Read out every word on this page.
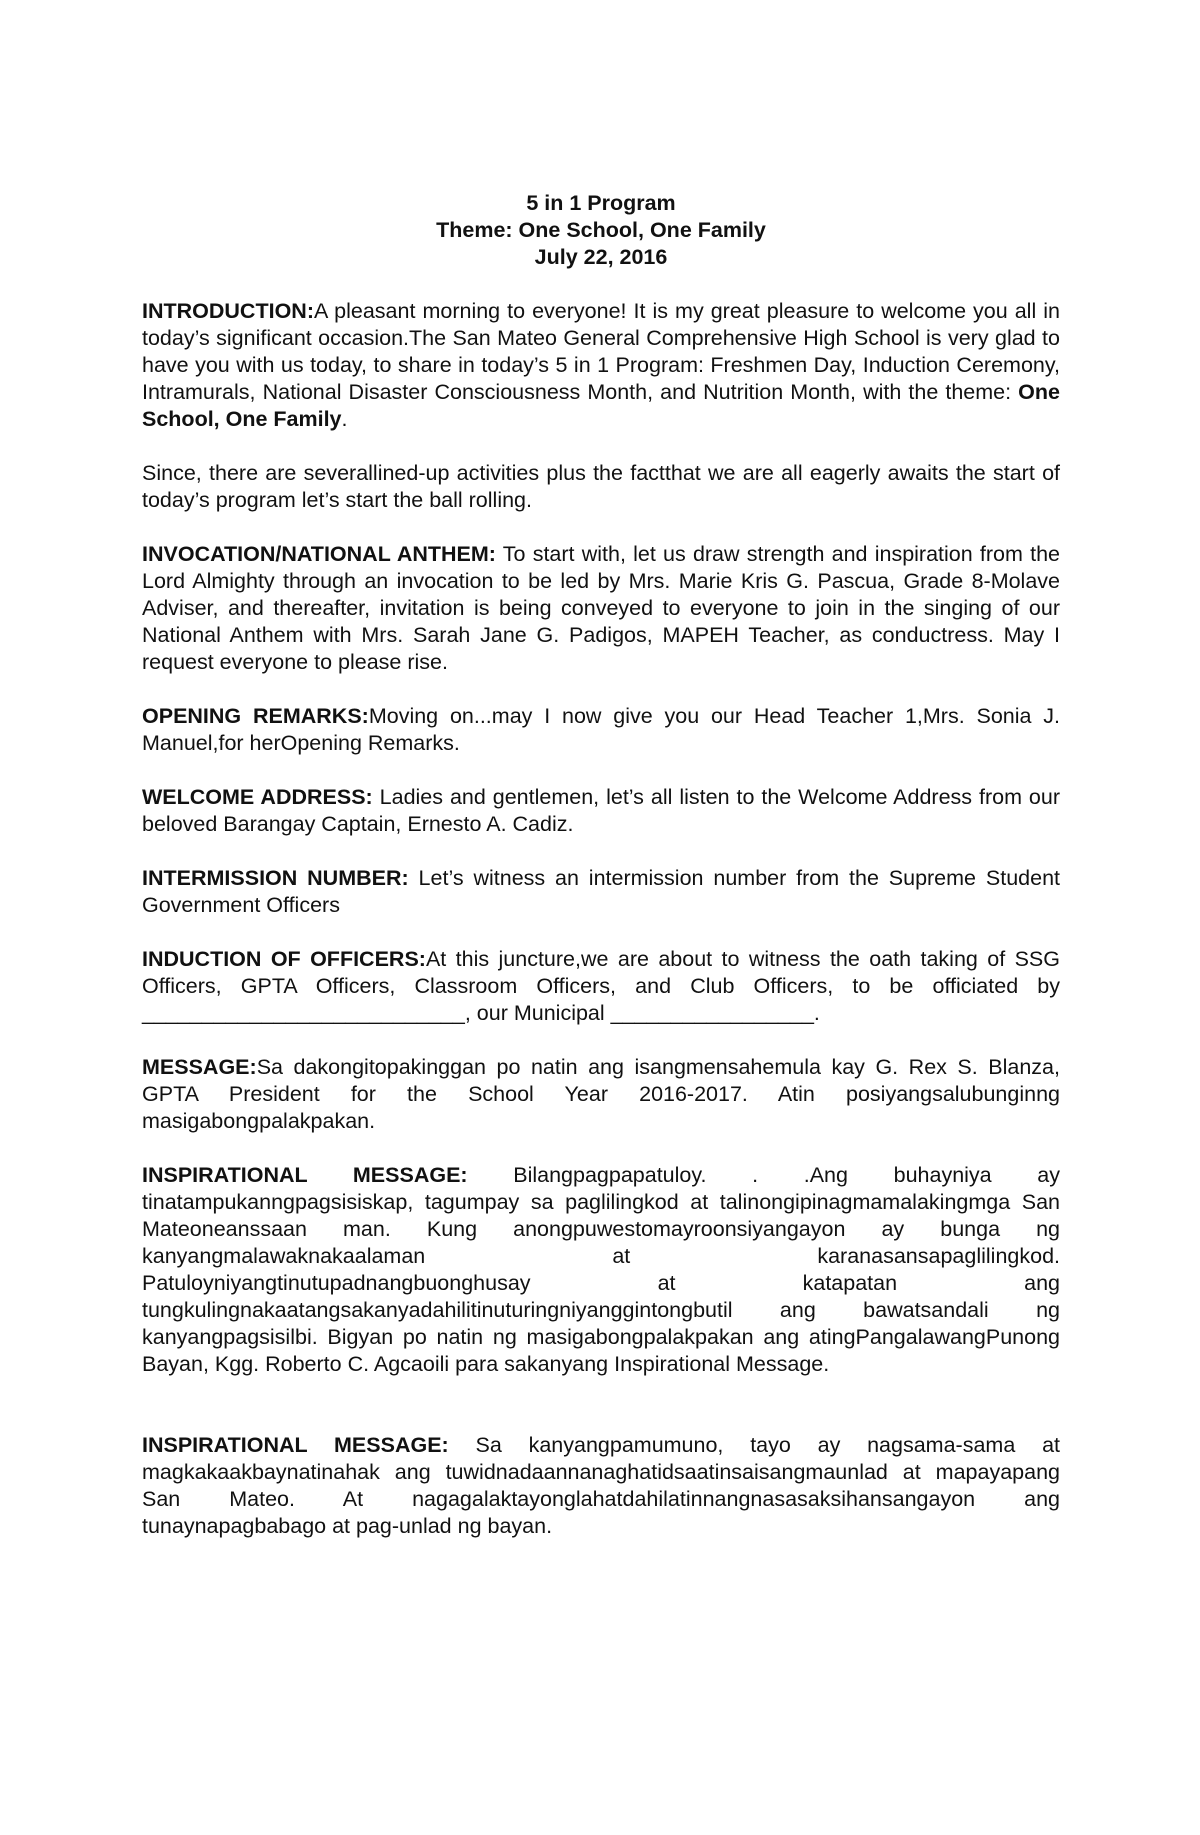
5 in 1 Program
Theme: One School, One Family
July 22, 2016

INTRODUCTION:A pleasant morning to everyone! It is my great pleasure to welcome you all in today’s significant occasion.The San Mateo General Comprehensive High School is very glad to have you with us today, to share in today’s 5 in 1 Program: Freshmen Day, Induction Ceremony, Intramurals, National Disaster Consciousness Month, and Nutrition Month, with the theme: One School, One Family.

Since, there are severallined-up activities plus the factthat we are all eagerly awaits the start of today’s program let’s start the ball rolling.

INVOCATION/NATIONAL ANTHEM: To start with, let us draw strength and inspiration from the Lord Almighty through an invocation to be led by Mrs. Marie Kris G. Pascua, Grade 8-Molave Adviser, and thereafter, invitation is being conveyed to everyone to join in the singing of our National Anthem with Mrs. Sarah Jane G. Padigos, MAPEH Teacher, as conductress. May I request everyone to please rise.

OPENING REMARKS:Moving on...may I now give you our Head Teacher 1,Mrs. Sonia J. Manuel,for herOpening Remarks.

WELCOME ADDRESS: Ladies and gentlemen, let’s all listen to the Welcome Address from our beloved Barangay Captain, Ernesto A. Cadiz.

INTERMISSION NUMBER: Let’s witness an intermission number from the Supreme Student Government Officers

INDUCTION OF OFFICERS:At this juncture,we are about to witness the oath taking of SSG Officers, GPTA Officers, Classroom Officers, and Club Officers, to be officiated by ___________________________, our Municipal _________________.

MESSAGE:Sa dakongitopakinggan po natin ang isangmensahemula kay G. Rex S. Blanza, GPTA President for the School Year 2016-2017. Atin posiyangsalubunginng masigabongpalakpakan.

INSPIRATIONAL MESSAGE: Bilangpagpapatuloy. . .Ang buhayniya ay tinatampukanngpagsisiskap, tagumpay sa paglilingkod at talinongipinagmamalakingmga San Mateoneanssaan man. Kung anongpuwestomayroonsiyangayon ay bunga ng kanyangmalawaknakaalaman at karanasansapaglilingkod. Patuloyniyangtinutupadnangbuonghusay at katapatan ang tungkulingnakaatangsakanyadahilitinuturingniyanggintongbutil ang bawatsandali ng kanyangpagsisilbi. Bigyan po natin ng masigabongpalakpakan ang atingPangalawangPunong Bayan, Kgg. Roberto C. Agcaoili para sakanyang Inspirational Message.

INSPIRATIONAL MESSAGE: Sa kanyangpamumuno, tayo ay nagsama-sama at magkakaakbaynatinahak ang tuwidnadaannanaghatidsaatinsaisangmaunlad at mapayapang San Mateo. At nagagalaktayonglahatdahilatinnangnasasaksihansangayon ang tunaynapagbabago at pag-unlad ng bayan.
